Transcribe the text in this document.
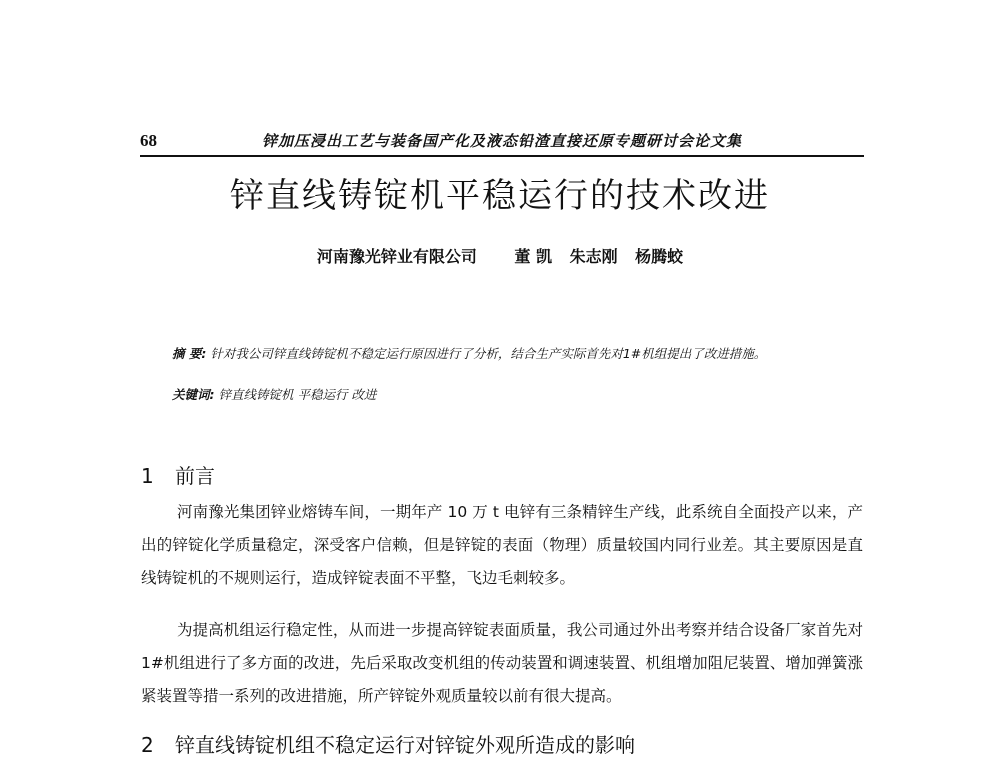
68	锌加压浸出工艺与装备国产化及液态铅渣直接还原专题研讨会论文集
锌直线铸锭机平稳运行的技术改进
河南豫光锌业有限公司 董 凯 朱志刚 杨腾蛟
摘 要: 针对我公司锌直线铸锭机不稳定运行原因进行了分析，结合生产实际首先对1#机组提出了改进措施。
关键词: 锌直线铸锭机 平稳运行 改进
1 前言

河南豫光集团锌业熔铸车间，一期年产 10 万 t 电锌有三条精锌生产线，此系统自全面投产以来，产出的锌锭化学质量稳定，深受客户信赖，但是锌锭的表面（物理）质量较国内同行业差。其主要原因是直线铸锭机的不规则运行，造成锌锭表面不平整，飞边毛刺较多。

为提高机组运行稳定性，从而进一步提高锌锭表面质量，我公司通过外出考察并结合设备厂家首先对 1#机组进行了多方面的改进，先后采取改变机组的传动装置和调速装置、机组增加阻尼装置、增加弹簧涨紧装置等措一系列的改进措施，所产锌锭外观质量较以前有很大提高。

2 锌直线铸锭机组不稳定运行对锌锭外观所造成的影响
